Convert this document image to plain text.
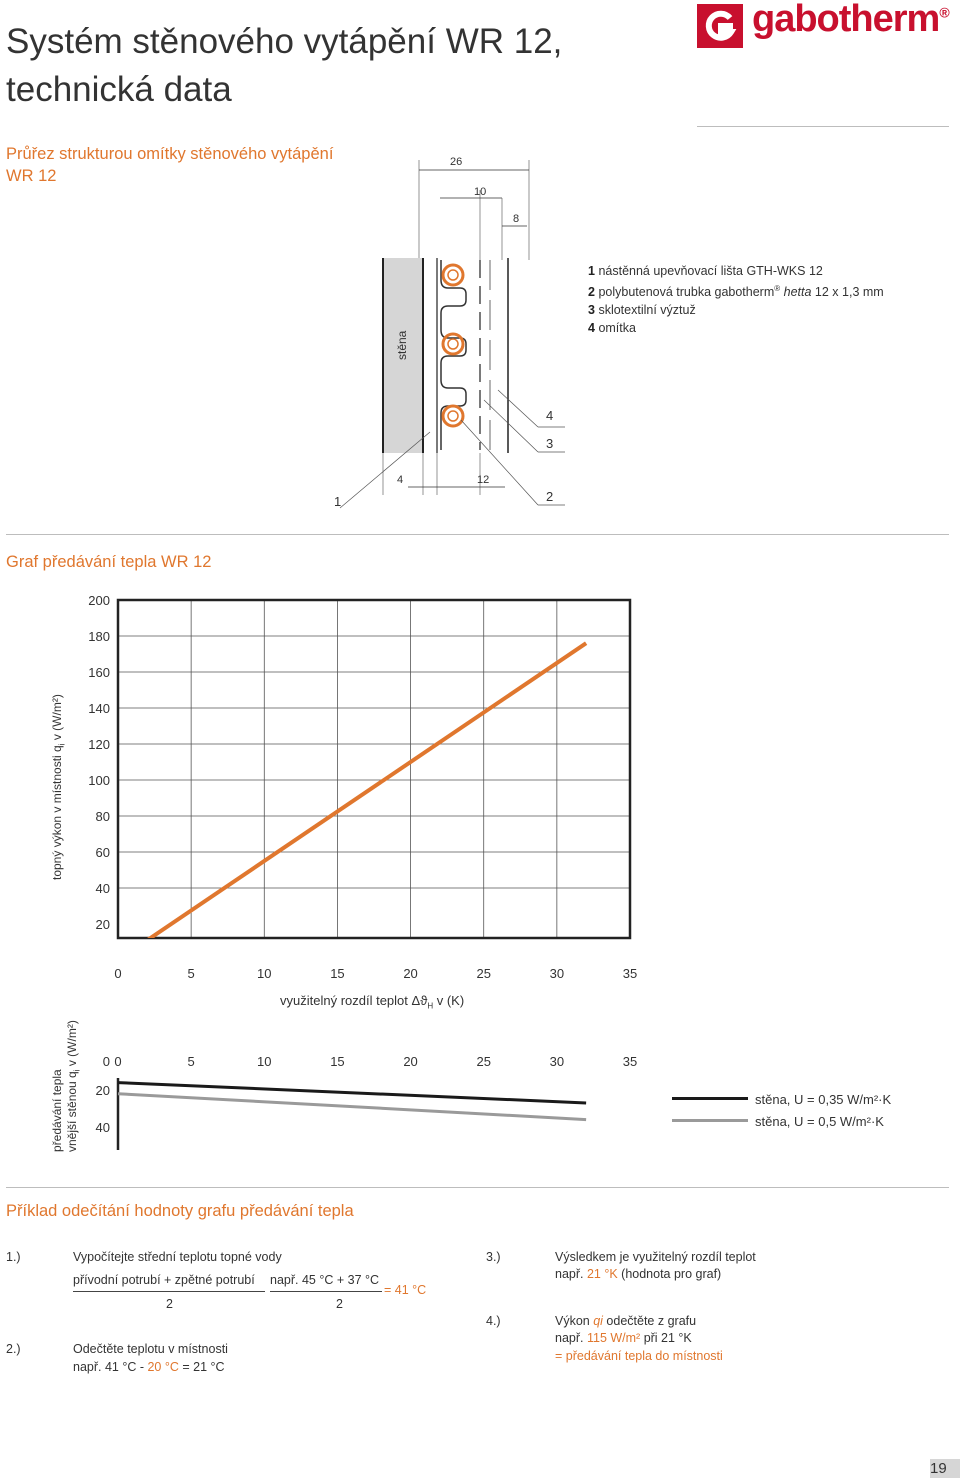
Systém stěnového vytápění WR 12,
technická data
gabotherm®
Průřez strukturou omítky stěnového vytápění
WR 12
26
10
8
4	12
stěna
1	2
3
4
1 nástěnná upevňovací lišta GTH-WKS 12
2 polybutenová trubka gabotherm® hetta 12 x 1,3 mm
3 sklotextilní výztuž
4 omítka
Graf předávání tepla WR 12
200
180
160
140
120
100
80
60
40
20
0	5	10	15	20	25	30	35
0	5	10	15	20	25	30	35
20
40
0
topný výkon v místnosti $q_i$ v (W/m²)
předávání tepla vnější stěnou $q_i$ v (W/m²)
využitelný rozdíl teplot $\Delta ϑ_H$ v (K)
stěna, U = 0,35 W/m²·K
stěna, U = 0,5 W/m²·K
Příklad odečítání hodnoty grafu předávání tepla
1.)	Vypočítejte střední teplotu topné vody
přívodní potrubí + zpětné potrubí
2
např. 45 °C + 37 °C
2
= 41 °C
2.)	Odečtěte teplotu v místnosti
např. 41 °C - 20 °C = 21 °C
3.)	Výsledkem je využitelný rozdíl teplot
např. 21 °K (hodnota pro graf)
4.)	Výkon qi odečtěte z grafu
např. 115 W/m² při 21 °K
= předávání tepla do místnosti
19
